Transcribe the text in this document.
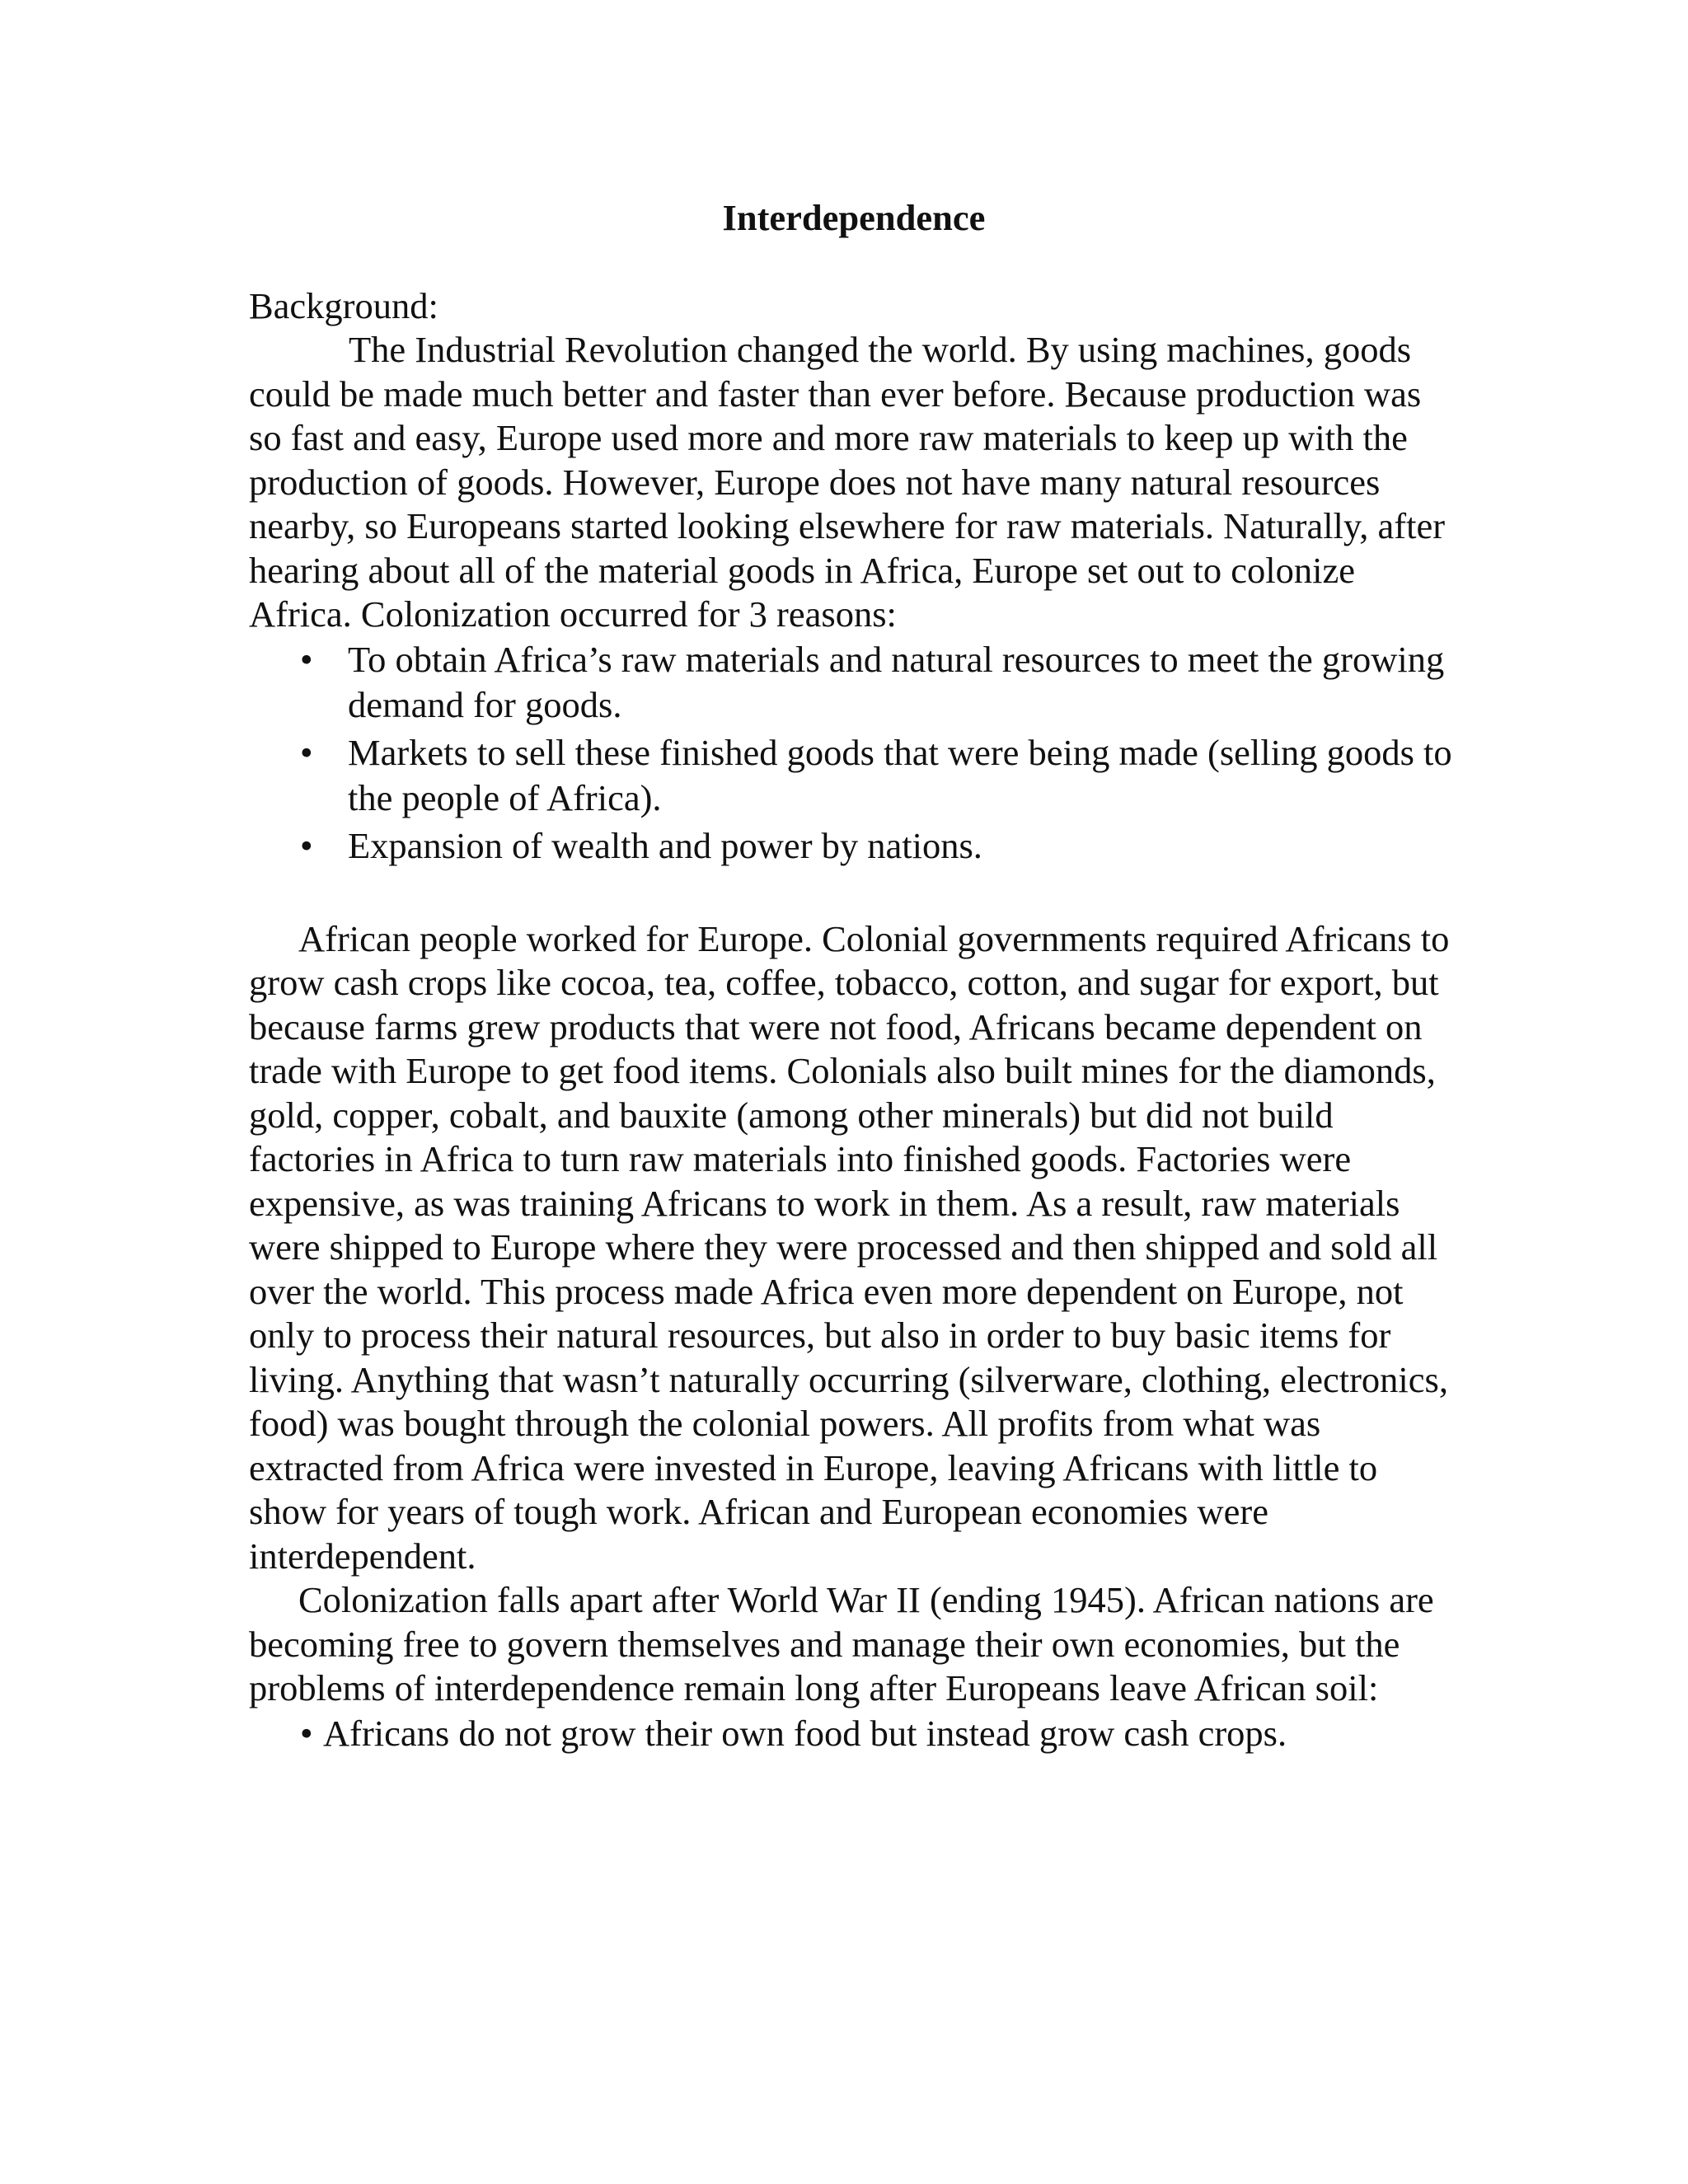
Interdependence

Background:

The Industrial Revolution changed the world. By using machines, goods could be made much better and faster than ever before. Because production was so fast and easy, Europe used more and more raw materials to keep up with the production of goods. However, Europe does not have many natural resources nearby, so Europeans started looking elsewhere for raw materials. Naturally, after hearing about all of the material goods in Africa, Europe set out to colonize Africa. Colonization occurred for 3 reasons:

• To obtain Africa’s raw materials and natural resources to meet the growing demand for goods.
• Markets to sell these finished goods that were being made (selling goods to the people of Africa).
• Expansion of wealth and power by nations.

African people worked for Europe. Colonial governments required Africans to grow cash crops like cocoa, tea, coffee, tobacco, cotton, and sugar for export, but because farms grew products that were not food, Africans became dependent on trade with Europe to get food items. Colonials also built mines for the diamonds, gold, copper, cobalt, and bauxite (among other minerals) but did not build factories in Africa to turn raw materials into finished goods. Factories were expensive, as was training Africans to work in them. As a result, raw materials were shipped to Europe where they were processed and then shipped and sold all over the world. This process made Africa even more dependent on Europe, not only to process their natural resources, but also in order to buy basic items for living. Anything that wasn’t naturally occurring (silverware, clothing, electronics, food) was bought through the colonial powers. All profits from what was extracted from Africa were invested in Europe, leaving Africans with little to show for years of tough work. African and European economies were interdependent.

Colonization falls apart after World War II (ending 1945). African nations are becoming free to govern themselves and manage their own economies, but the problems of interdependence remain long after Europeans leave African soil:

• Africans do not grow their own food but instead grow cash crops.
